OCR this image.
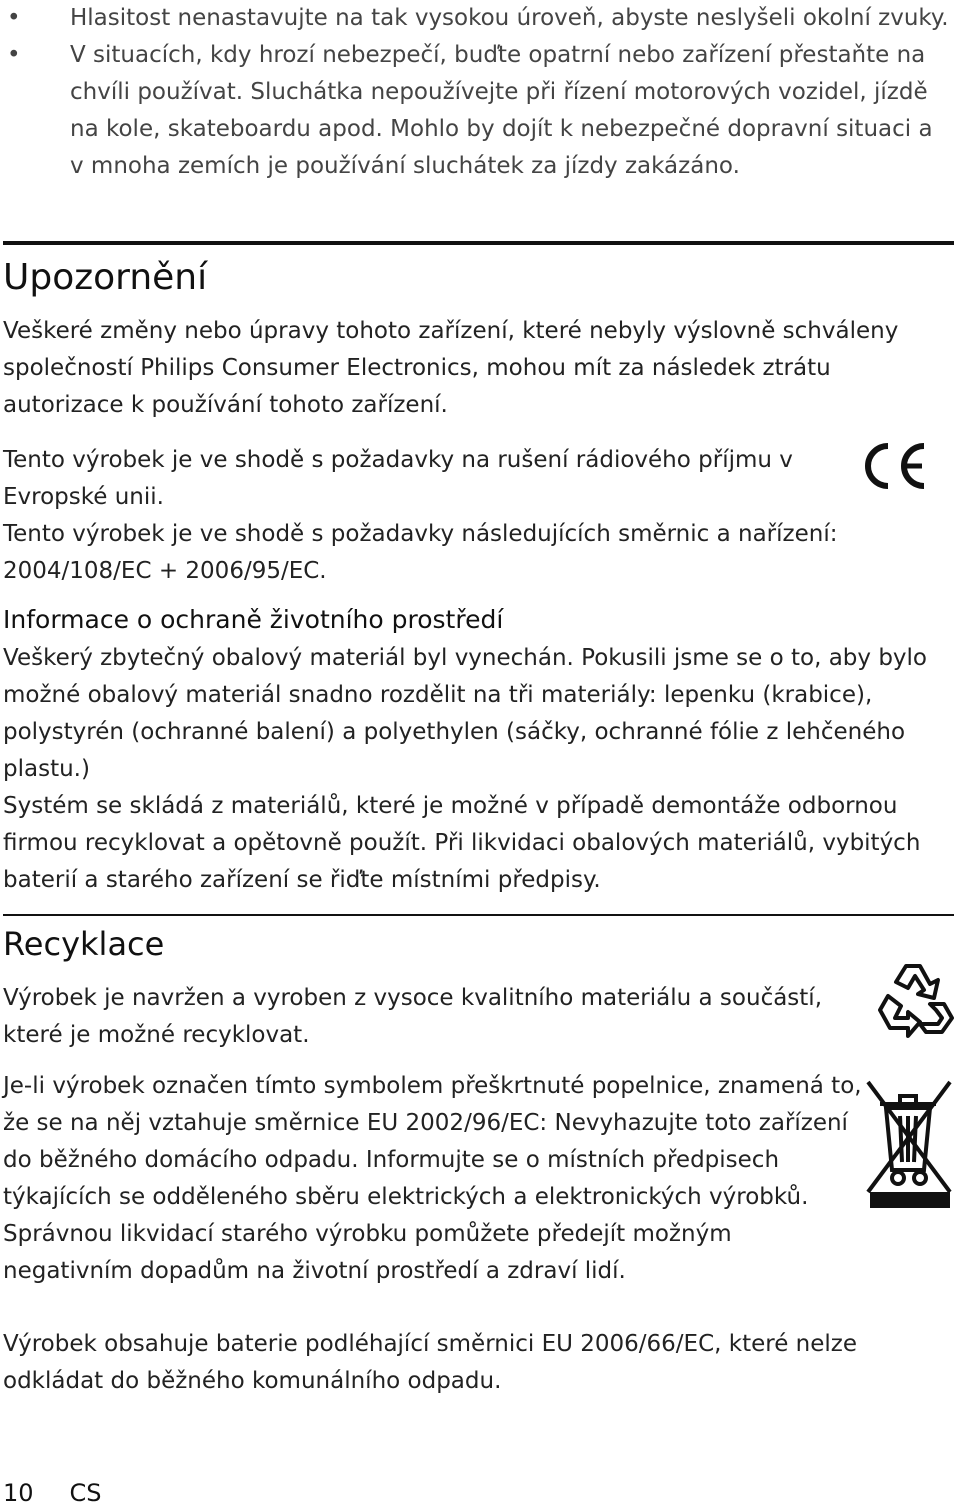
• Hlasitost nenastavujte na tak vysokou úroveň, abyste neslyšeli okolní zvuky.
• V situacích, kdy hrozí nebezpečí, buďte opatrní nebo zařízení přestaňte na chvíli používat. Sluchátka nepoužívejte při řízení motorových vozidel, jízdě na kole, skateboardu apod. Mohlo by dojít k nebezpečné dopravní situaci a v mnoha zemích je používání sluchátek za jízdy zakázáno.
Upozornění

Veškeré změny nebo úpravy tohoto zařízení, které nebyly výslovně schváleny společností Philips Consumer Electronics, mohou mít za následek ztrátu autorizace k používání tohoto zařízení.

Tento výrobek je ve shodě s požadavky na rušení rádiového příjmu v Evropské unii.

Tento výrobek je ve shodě s požadavky následujících směrnic a nařízení: 2004/108/EC + 2006/95/EC.

Informace o ochraně životního prostředí

Veškerý zbytečný obalový materiál byl vynechán. Pokusili jsme se o to, aby bylo možné obalový materiál snadno rozdělit na tři materiály: lepenku (krabice), polystyrén (ochranné balení) a polyethylen (sáčky, ochranné fólie z lehčeného plastu.)

Systém se skládá z materiálů, které je možné v případě demontáže odbornou firmou recyklovat a opětovně použít. Při likvidaci obalových materiálů, vybitých baterií a starého zařízení se řiďte místními předpisy.

Recyklace

Výrobek je navržen a vyroben z vysoce kvalitního materiálu a součástí, které je možné recyklovat.

Je-li výrobek označen tímto symbolem přeškrtnuté popelnice, znamená to, že se na něj vztahuje směrnice EU 2002/96/EC: Nevyhazujte toto zařízení do běžného domácího odpadu. Informujte se o místních předpisech týkajících se odděleného sběru elektrických a elektronických výrobků. Správnou likvidací starého výrobku pomůžete předejít možným negativním dopadům na životní prostředí a zdraví lidí.

Výrobek obsahuje baterie podléhající směrnici EU 2006/66/EC, které nelze odkládat do běžného komunálního odpadu.

10 CS
